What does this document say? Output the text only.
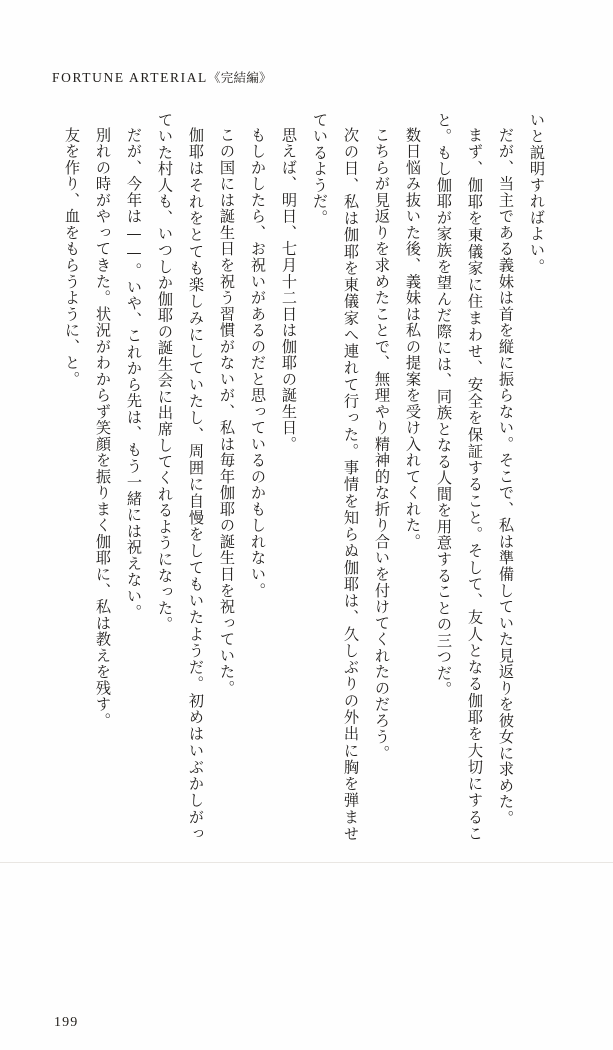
FORTUNE ARTERIAL《完結編》

いと説明すればよい。

だが、当主である義妹は首を縦に振らない。そこで、私は準備していた見返りを彼女に求めた。

まず、伽耶を東儀家に住まわせ、安全を保証すること。そして、友人となる伽耶を大切にすること。もし伽耶が家族を望んだ際には、同族となる人間を用意することの三つだ。

数日悩み抜いた後、義妹は私の提案を受け入れてくれた。

こちらが見返りを求めたことで、無理やり精神的な折り合いを付けてくれたのだろう。

次の日、私は伽耶を東儀家へ連れて行った。事情を知らぬ伽耶は、久しぶりの外出に胸を弾ませているようだ。

思えば、明日、七月十二日は伽耶の誕生日。

もしかしたら、お祝いがあるのだと思っているのかもしれない。

この国には誕生日を祝う習慣がないが、私は毎年伽耶の誕生日を祝っていた。

伽耶はそれをとても楽しみにしていたし、周囲に自慢をしてもいたようだ。初めはいぶかしがっていた村人も、いつしか伽耶の誕生会に出席してくれるようになった。

だが、今年は——。いや、これから先は、もう一緒には祝えない。

別れの時がやってきた。状況がわからず笑顔を振りまく伽耶に、私は教えを残す。

友を作り、血をもらうように、と。

199
